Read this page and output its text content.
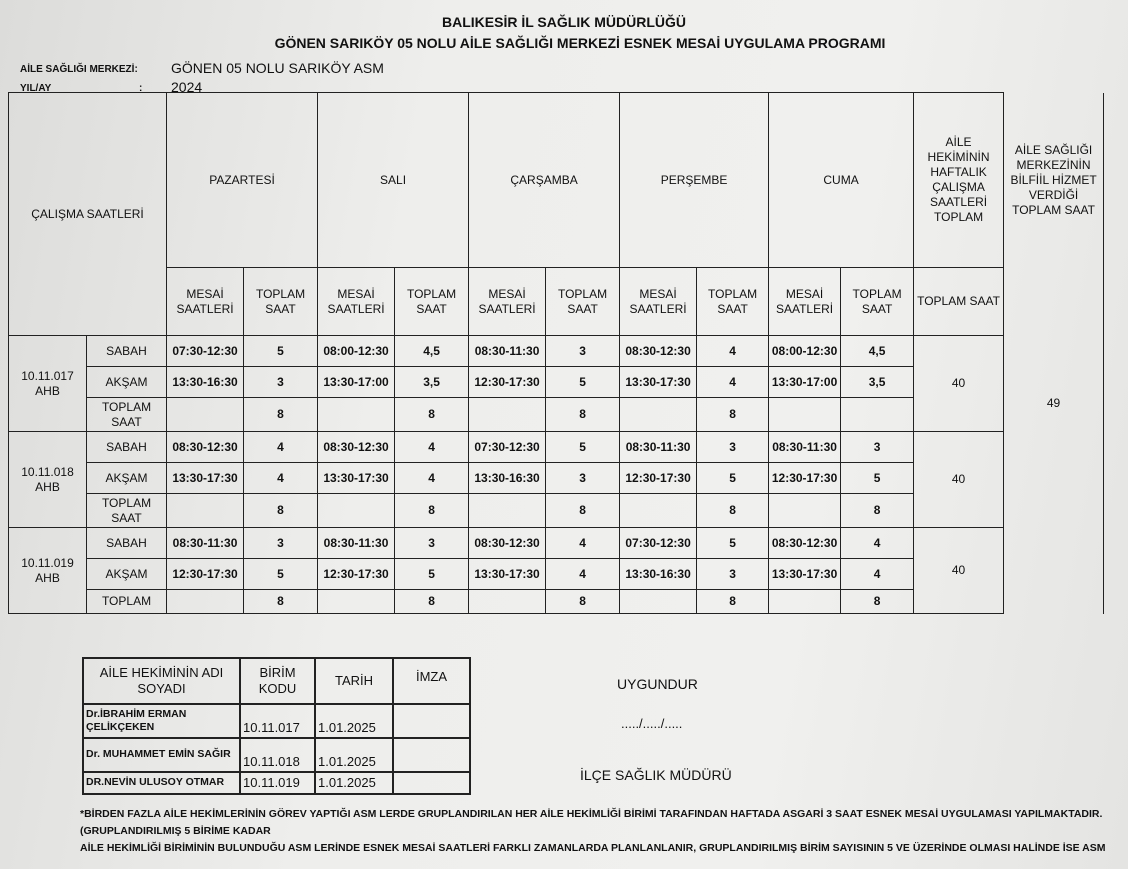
BALIKESİR İL SAĞLIK MÜDÜRLÜĞÜ
GÖNEN SARIKÖY 05 NOLU AİLE SAĞLIĞI MERKEZİ ESNEK MESAİ UYGULAMA PROGRAMI
AİLE SAĞLIĞI MERKEZİ: GÖNEN 05 NOLU SARIKÖY ASM
YIL/AY	: 2024
ÇALIŞMA SAATLERİ		PAZARTESİ		SALI		ÇARŞAMBA		PERŞEMBE		CUMA		AİLE HEKİMİNİN HAFTALIK ÇALIŞMA SAATLERİ TOPLAM	AİLE SAĞLIĞI MERKEZİNİN BİLFİİL HİZMET VERDİĞİ TOPLAM SAAT
		MESAİ SAATLERİ	TOPLAM SAAT	MESAİ SAATLERİ	TOPLAM SAAT	MESAİ SAATLERİ	TOPLAM SAAT	MESAİ SAATLERİ	TOPLAM SAAT	MESAİ SAATLERİ	TOPLAM SAAT	TOPLAM SAAT	
10.11.017 AHB	SABAH	07:30-12:30	5	08:00-12:30	4,5	08:30-11:30	3	08:30-12:30	4	08:00-12:30	4,5	40	49
	AKŞAM	13:30-16:30	3	13:30-17:00	3,5	12:30-17:30	5	13:30-17:30	4	13:30-17:00	3,5		
	TOPLAM SAAT		8		8		8		8				
10.11.018 AHB	SABAH	08:30-12:30	4	08:30-12:30	4	07:30-12:30	5	08:30-11:30	3	08:30-11:30	3	40	
	AKŞAM	13:30-17:30	4	13:30-17:30	4	13:30-16:30	3	12:30-17:30	5	12:30-17:30	5		
	TOPLAM SAAT		8		8		8		8		8		
10.11.019 AHB	SABAH	08:30-11:30	3	08:30-11:30	3	08:30-12:30	4	07:30-12:30	5	08:30-12:30	4	40	
	AKŞAM	12:30-17:30	5	12:30-17:30	5	13:30-17:30	4	13:30-16:30	3	13:30-17:30	4		
	TOPLAM		8		8		8		8		8		
AİLE HEKİMİNİN ADI SOYADI	BİRİM KODU	TARİH	İMZA
Dr.İBRAHİM ERMAN ÇELİKÇEKEN	10.11.017	1.01.2025	
Dr. MUHAMMET EMİN SAĞIR	10.11.018	1.01.2025	
DR.NEVİN ULUSOY OTMAR	10.11.019	1.01.2025	
UYGUNDUR
...../...../.....
İLÇE SAĞLIK MÜDÜRÜ
*BİRDEN FAZLA AİLE HEKİMLERİNİN GÖREV YAPTIĞI ASM LERDE GRUPLANDIRILAN HER AİLE HEKİMLİĞİ BİRİMİ TARAFINDAN HAFTADA ASGARİ 3 SAAT ESNEK MESAİ UYGULAMASI YAPILMAKTADIR.
(GRUPLANDIRILMIŞ 5 BİRİME KADAR
AİLE HEKİMLİĞİ BİRİMİNİN BULUNDUĞU ASM LERİNDE ESNEK MESAİ SAATLERİ FARKLI ZAMANLARDA PLANLANLANIR, GRUPLANDIRILMIŞ BİRİM SAYISININ 5 VE ÜZERİNDE OLMASI HALİNDE İSE ASM
